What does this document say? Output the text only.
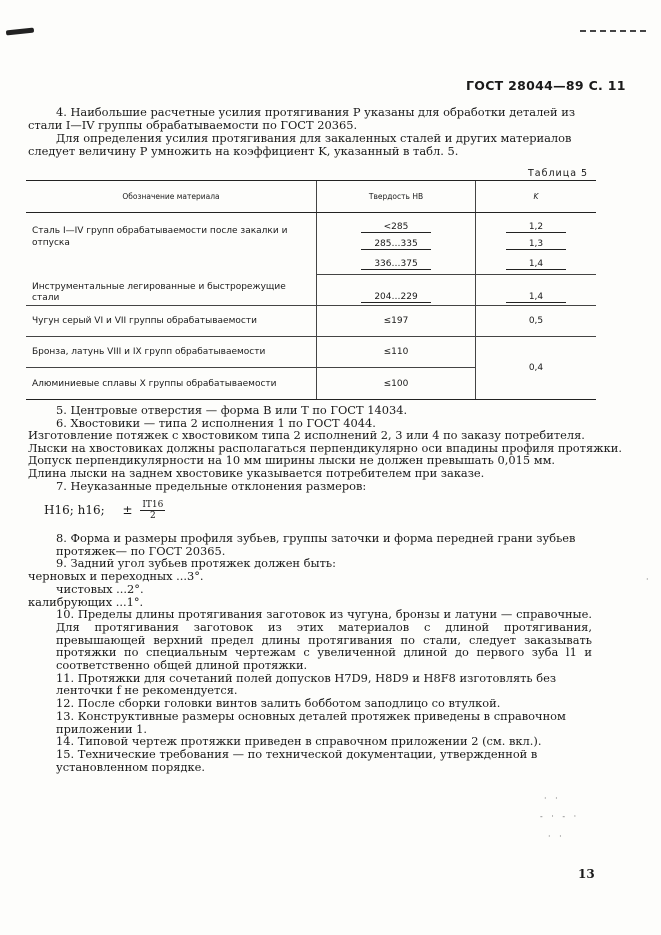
ГОСТ 28044—89 С. 11

4. Наибольшие расчетные усилия протягивания P указаны для обработки деталей из стали I—IV группы обрабатываемости по ГОСТ 20365.

Для определения усилия протягивания для закаленных сталей и других материалов следует величину P умножить на коэффициент K, указанный в табл. 5.

Таблица 5
Обозначение материала	Твердость HB	K
Сталь I—IV групп обрабатываемости после закалки и отпуска	<285	1,2
	285…335	1,3
	336…375	1,4
Инструментальные легированные и быстрорежущие стали	204…229	1,4
Чугун серый VI и VII группы обрабатываемости	≤197	0,5
Бронза, латунь VIII и IX групп обрабатываемости	≤110	0,4
Алюминиевые сплавы X группы обрабатываемости	≤100	
5. Центровые отверстия — форма B или T по ГОСТ 14034.
6. Хвостовики — типа 2 исполнения 1 по ГОСТ 4044.
Изготовление потяжек с хвостовиком типа 2 исполнений 2, 3 или 4 по заказу потребителя.
Лыски на хвостовиках должны располагаться перпендикулярно оси впадины профиля протяжки.
Допуск перпендикулярности на 10 мм ширины лыски не должен превышать 0,015 мм.
Длина лыски на заднем хвостовике указывается потребителем при заказе.
7. Неуказанные предельные отклонения размеров:
H16; h16; ± $\frac{IT16}{2}$
8. Форма и размеры профиля зубьев, группы заточки и форма передней грани зубьев протяжек— по ГОСТ 20365.
9. Задний угол зубьев протяжек должен быть:
черновых и переходных ...3°.
чистовых ...2°.
калибрующих ...1°.
10. Пределы длины протягивания заготовок из чугуна, бронзы и латуни — справочные. Для протягивания заготовок из этих материалов с длиной протягивания, превышающей верхний предел длины протягивания по стали, следует заказывать протяжки по специальным чертежам с увеличенной длиной до первого зуба l1 и соответственно общей длиной протяжки.
11. Протяжки для сочетаний полей допусков H7D9, H8D9 и H8F8 изготовлять без ленточки f не рекомендуется.
12. После сборки головки винтов залить бобботом заподлицо со втулкой.
13. Конструктивные размеры основных деталей протяжек приведены в справочном приложении 1.
14. Типовой чертеж протяжки приведен в справочном приложении 2 (см. вкл.).
15. Технические требования — по технической документации, утвержденной в установленном порядке.
· ·
- · - ·
· ·
·
13
